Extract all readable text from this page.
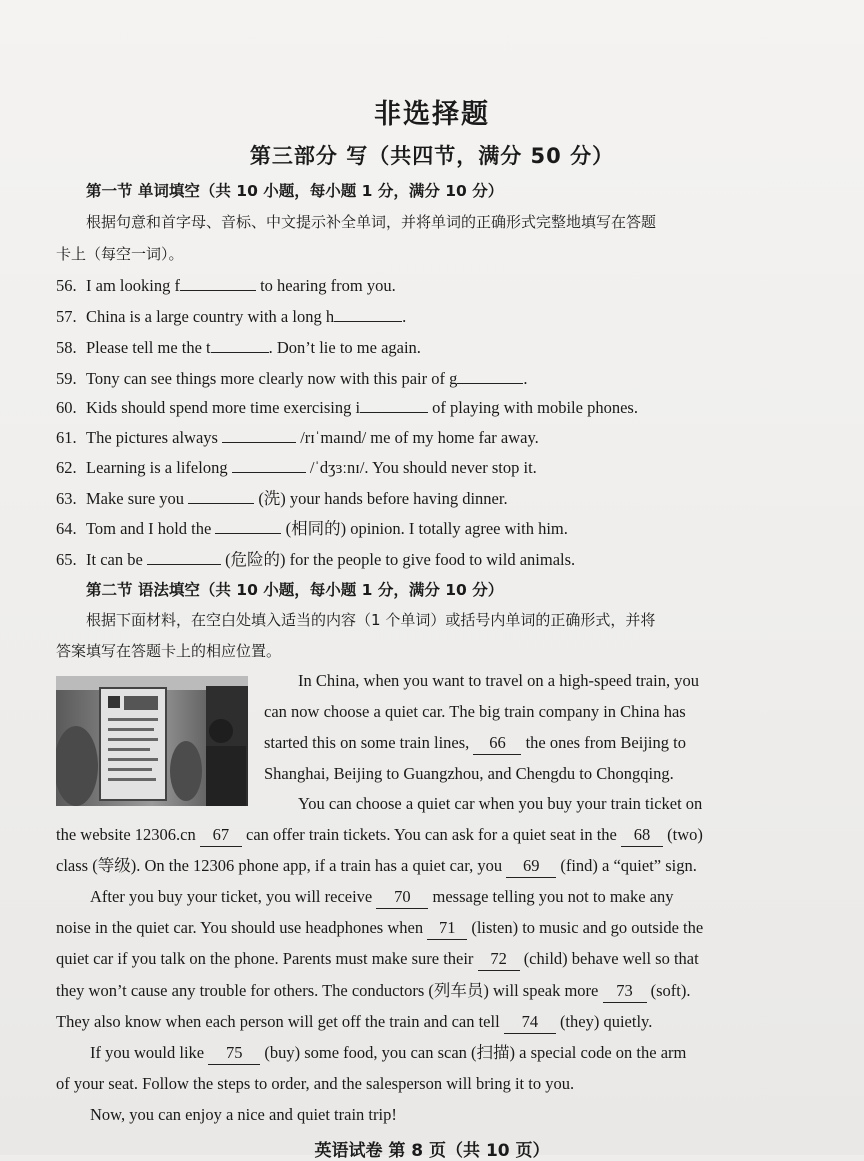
非选择题
第三部分 写（共四节，满分 50 分）
第一节 单词填空（共 10 小题，每小题 1 分，满分 10 分）
根据句意和首字母、音标、中文提示补全单词，并将单词的正确形式完整地填写在答题
卡上（每空一词）。
56. I am looking f	to hearing from you.
57. China is a large country with a long h	.
58. Please tell me the t	. Don’t lie to me again.
59. Tony can see things more clearly now with this pair of g	.
60. Kids should spend more time exercising i	of playing with mobile phones.
61. The pictures always	/rɪˈmaɪnd/ me of my home far away.
62. Learning is a lifelong	/ˈdʒɜːnɪ/. You should never stop it.
63. Make sure you	(洗) your hands before having dinner.
64. Tom and I hold the	(相同的) opinion. I totally agree with him.
65. It can be	(危险的) for the people to give food to wild animals.
第二节 语法填空（共 10 小题，每小题 1 分，满分 10 分）
根据下面材料，在空白处填入适当的内容（1 个单词）或括号内单词的正确形式，并将
答案填写在答题卡上的相应位置。
In China, when you want to travel on a high-speed train, you
can now choose a quiet car. The big train company in China has
started this on some train lines, 66 the ones from Beijing to
Shanghai, Beijing to Guangzhou, and Chengdu to Chongqing.
You can choose a quiet car when you buy your train ticket on
the website 12306.cn 67 can offer train tickets. You can ask for a quiet seat in the 68 (two)
class (等级). On the 12306 phone app, if a train has a quiet car, you 69 (find) a “quiet” sign.
After you buy your ticket, you will receive 70 message telling you not to make any
noise in the quiet car. You should use headphones when 71 (listen) to music and go outside the
quiet car if you talk on the phone. Parents must make sure their 72 (child) behave well so that
they won’t cause any trouble for others. The conductors (列车员) will speak more 73 (soft).
They also know when each person will get off the train and can tell 74 (they) quietly.
If you would like 75 (buy) some food, you can scan (扫描) a special code on the arm
of your seat. Follow the steps to order, and the salesperson will bring it to you.
Now, you can enjoy a nice and quiet train trip!
英语试卷 第 8 页（共 10 页）
